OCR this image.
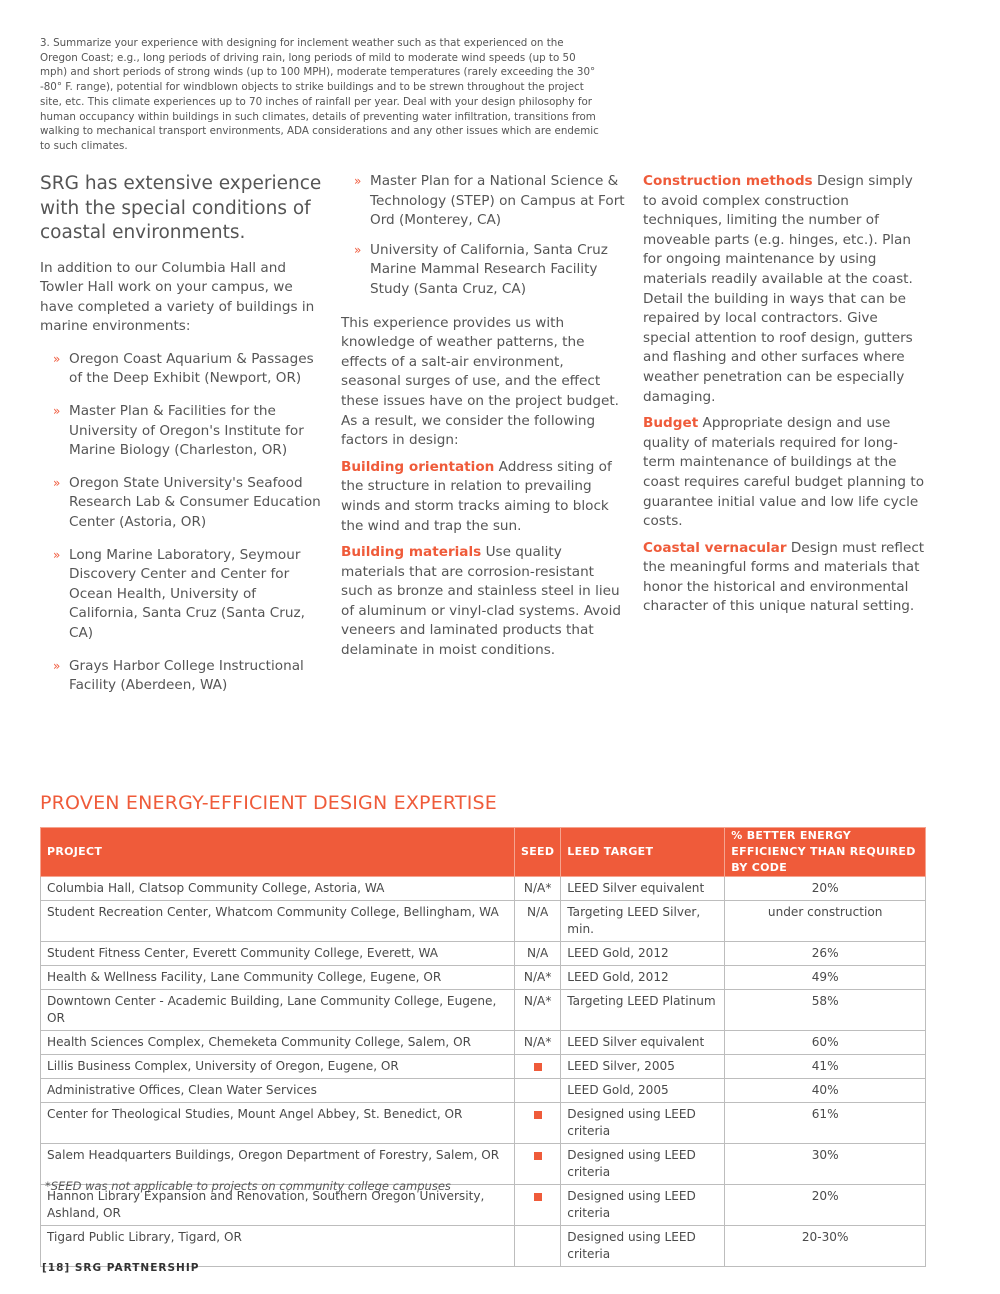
3. Summarize your experience with designing for inclement weather such as that experienced on the Oregon Coast; e.g., long periods of driving rain, long periods of mild to moderate wind speeds (up to 50 mph) and short periods of strong winds (up to 100 MPH), moderate temperatures (rarely exceeding the 30° -80° F. range), potential for windblown objects to strike buildings and to be strewn throughout the project site, etc. This climate experiences up to 70 inches of rainfall per year. Deal with your design philosophy for human occupancy within buildings in such climates, details of preventing water infiltration, transitions from walking to mechanical transport environments, ADA considerations and any other issues which are endemic to such climates.

SRG has extensive experience with the special conditions of coastal environments.

In addition to our Columbia Hall and Towler Hall work on your campus, we have completed a variety of buildings in marine environments:

» Oregon Coast Aquarium & Passages of the Deep Exhibit (Newport, OR)
» Master Plan & Facilities for the University of Oregon's Institute for Marine Biology (Charleston, OR)
» Oregon State University's Seafood Research Lab & Consumer Education Center (Astoria, OR)
» Long Marine Laboratory, Seymour Discovery Center and Center for Ocean Health, University of California, Santa Cruz (Santa Cruz, CA)
» Grays Harbor College Instructional Facility (Aberdeen, WA)
» Master Plan for a National Science & Technology (STEP) on Campus at Fort Ord (Monterey, CA)
» University of California, Santa Cruz Marine Mammal Research Facility Study (Santa Cruz, CA)

This experience provides us with knowledge of weather patterns, the effects of a salt-air environment, seasonal surges of use, and the effect these issues have on the project budget. As a result, we consider the following factors in design:

Building orientation Address siting of the structure in relation to prevailing winds and storm tracks aiming to block the wind and trap the sun.

Building materials Use quality materials that are corrosion-resistant such as bronze and stainless steel in lieu of aluminum or vinyl-clad systems. Avoid veneers and laminated products that delaminate in moist conditions.

Construction methods Design simply to avoid complex construction techniques, limiting the number of moveable parts (e.g. hinges, etc.). Plan for ongoing maintenance by using materials readily available at the coast. Detail the building in ways that can be repaired by local contractors. Give special attention to roof design, gutters and flashing and other surfaces where weather penetration can be especially damaging.

Budget Appropriate design and use quality of materials required for long-term maintenance of buildings at the coast requires careful budget planning to guarantee initial value and low life cycle costs.

Coastal vernacular Design must reflect the meaningful forms and materials that honor the historical and environmental character of this unique natural setting.

PROVEN ENERGY-EFFICIENT DESIGN EXPERTISE
PROJECT	SEED	LEED TARGET	% BETTER ENERGY EFFICIENCY THAN REQUIRED BY CODE
Columbia Hall, Clatsop Community College, Astoria, WA	N/A*	LEED Silver equivalent	20%
Student Recreation Center, Whatcom Community College, Bellingham, WA	N/A	Targeting LEED Silver, min.	under construction
Student Fitness Center, Everett Community College, Everett, WA	N/A	LEED Gold, 2012	26%
Health & Wellness Facility, Lane Community College, Eugene, OR	N/A*	LEED Gold, 2012	49%
Downtown Center - Academic Building, Lane Community College, Eugene, OR	N/A*	Targeting LEED Platinum	58%
Health Sciences Complex, Chemeketa Community College, Salem, OR	N/A*	LEED Silver equivalent	60%
Lillis Business Complex, University of Oregon, Eugene, OR		LEED Silver, 2005	41%
Administrative Offices, Clean Water Services		LEED Gold, 2005	40%
Center for Theological Studies, Mount Angel Abbey, St. Benedict, OR		Designed using LEED criteria	61%
Salem Headquarters Buildings, Oregon Department of Forestry, Salem, OR		Designed using LEED criteria	30%
Hannon Library Expansion and Renovation, Southern Oregon University, Ashland, OR		Designed using LEED criteria	20%
Tigard Public Library, Tigard, OR		Designed using LEED criteria	20-30%
*SEED was not applicable to projects on community college campuses
[18] SRG PARTNERSHIP
